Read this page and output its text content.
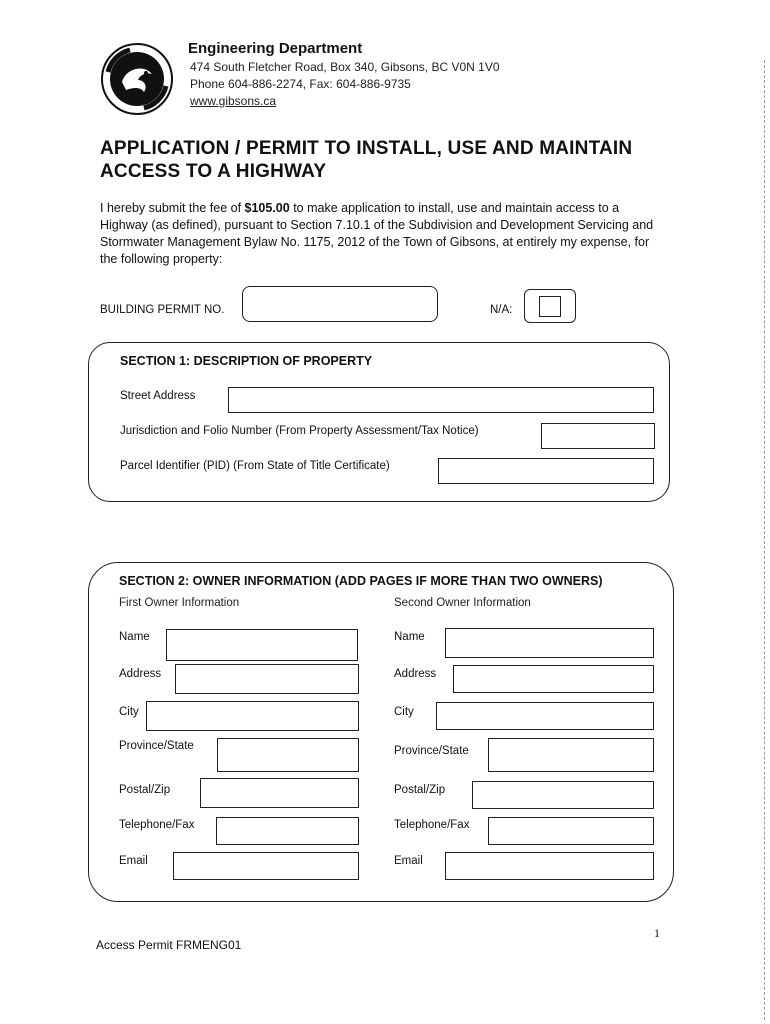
Engineering Department
474 South Fletcher Road, Box 340, Gibsons, BC V0N 1V0
Phone 604-886-2274, Fax: 604-886-9735
www.gibsons.ca
APPLICATION / PERMIT TO INSTALL, USE AND MAINTAIN ACCESS TO A HIGHWAY
I hereby submit the fee of $105.00 to make application to install, use and maintain access to a Highway (as defined), pursuant to Section 7.10.1 of the Subdivision and Development Servicing and Stormwater Management Bylaw No. 1175, 2012 of the Town of Gibsons, at entirely my expense, for the following property:
BUILDING PERMIT NO.	N/A:
SECTION 1: DESCRIPTION OF PROPERTY
Street Address
Jurisdiction and Folio Number (From Property Assessment/Tax Notice)
Parcel Identifier (PID) (From State of Title Certificate)
SECTION 2: OWNER INFORMATION (ADD PAGES IF MORE THAN TWO OWNERS)
First Owner Information	Second Owner Information
Name
Address
City
Province/State
Postal/Zip
Telephone/Fax
Email
Name
Address
City
Province/State
Postal/Zip
Telephone/Fax
Email
1
Access Permit FRMENG01
